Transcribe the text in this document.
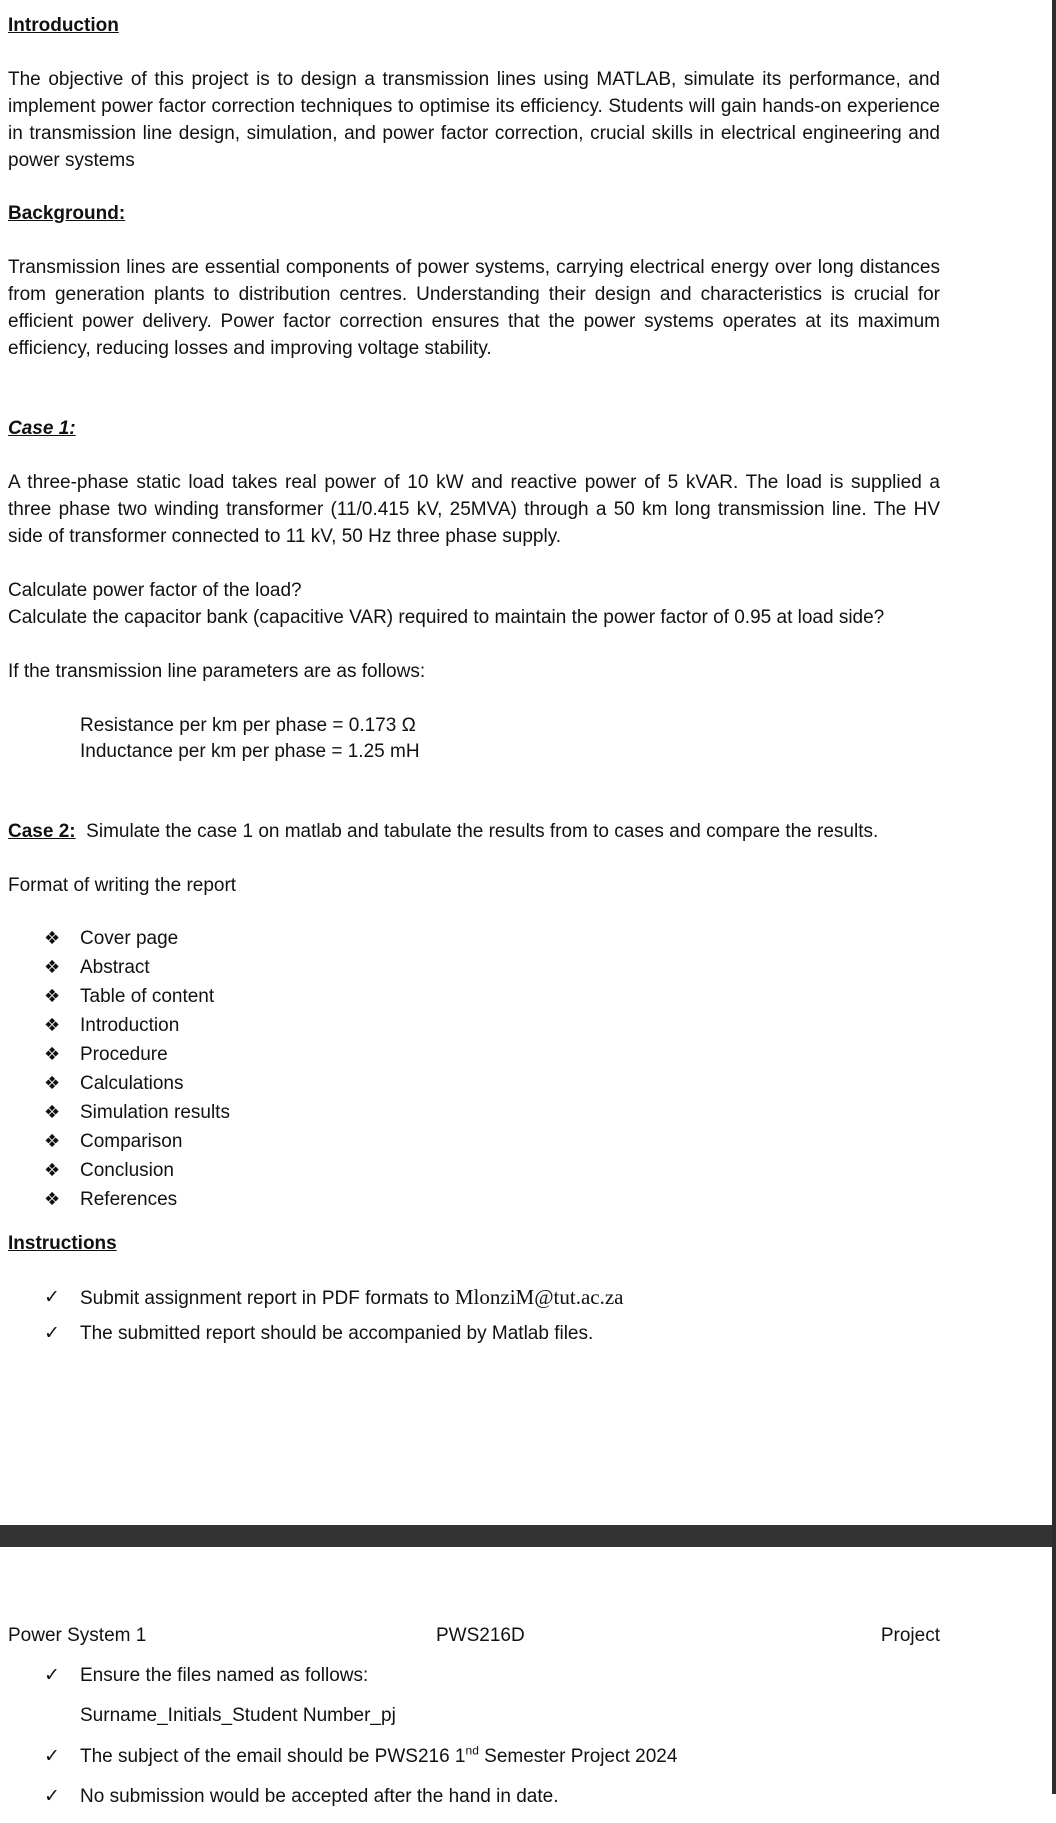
Introduction

The objective of this project is to design a transmission lines using MATLAB, simulate its performance, and implement power factor correction techniques to optimise its efficiency. Students will gain hands-on experience in transmission line design, simulation, and power factor correction, crucial skills in electrical engineering and power systems

Background:

Transmission lines are essential components of power systems, carrying electrical energy over long distances from generation plants to distribution centres. Understanding their design and characteristics is crucial for efficient power delivery. Power factor correction ensures that the power systems operates at its maximum efficiency, reducing losses and improving voltage stability.

Case 1:

A three-phase static load takes real power of 10 kW and reactive power of 5 kVAR. The load is supplied a three phase two winding transformer (11/0.415 kV, 25MVA) through a 50 km long transmission line. The HV side of transformer connected to 11 kV, 50 Hz three phase supply.

Calculate power factor of the load?

Calculate the capacitor bank (capacitive VAR) required to maintain the power factor of 0.95 at load side?

If the transmission line parameters are as follows:

Resistance per km per phase = 0.173 Ω

Inductance per km per phase = 1.25 mH

Case 2: Simulate the case 1 on matlab and tabulate the results from to cases and compare the results.

Format of writing the report

❖ Cover page
❖ Abstract
❖ Table of content
❖ Introduction
❖ Procedure
❖ Calculations
❖ Simulation results
❖ Comparison
❖ Conclusion
❖ References
Instructions
✓ Submit assignment report in PDF formats to MlonziM@tut.ac.za
✓ The submitted report should be accompanied by Matlab files.
Power System 1	PWS216D	Project
✓ Ensure the files named as follows:
Surname_Initials_Student Number_pj
✓ The subject of the email should be PWS216 1nd Semester Project 2024
✓ No submission would be accepted after the hand in date.
